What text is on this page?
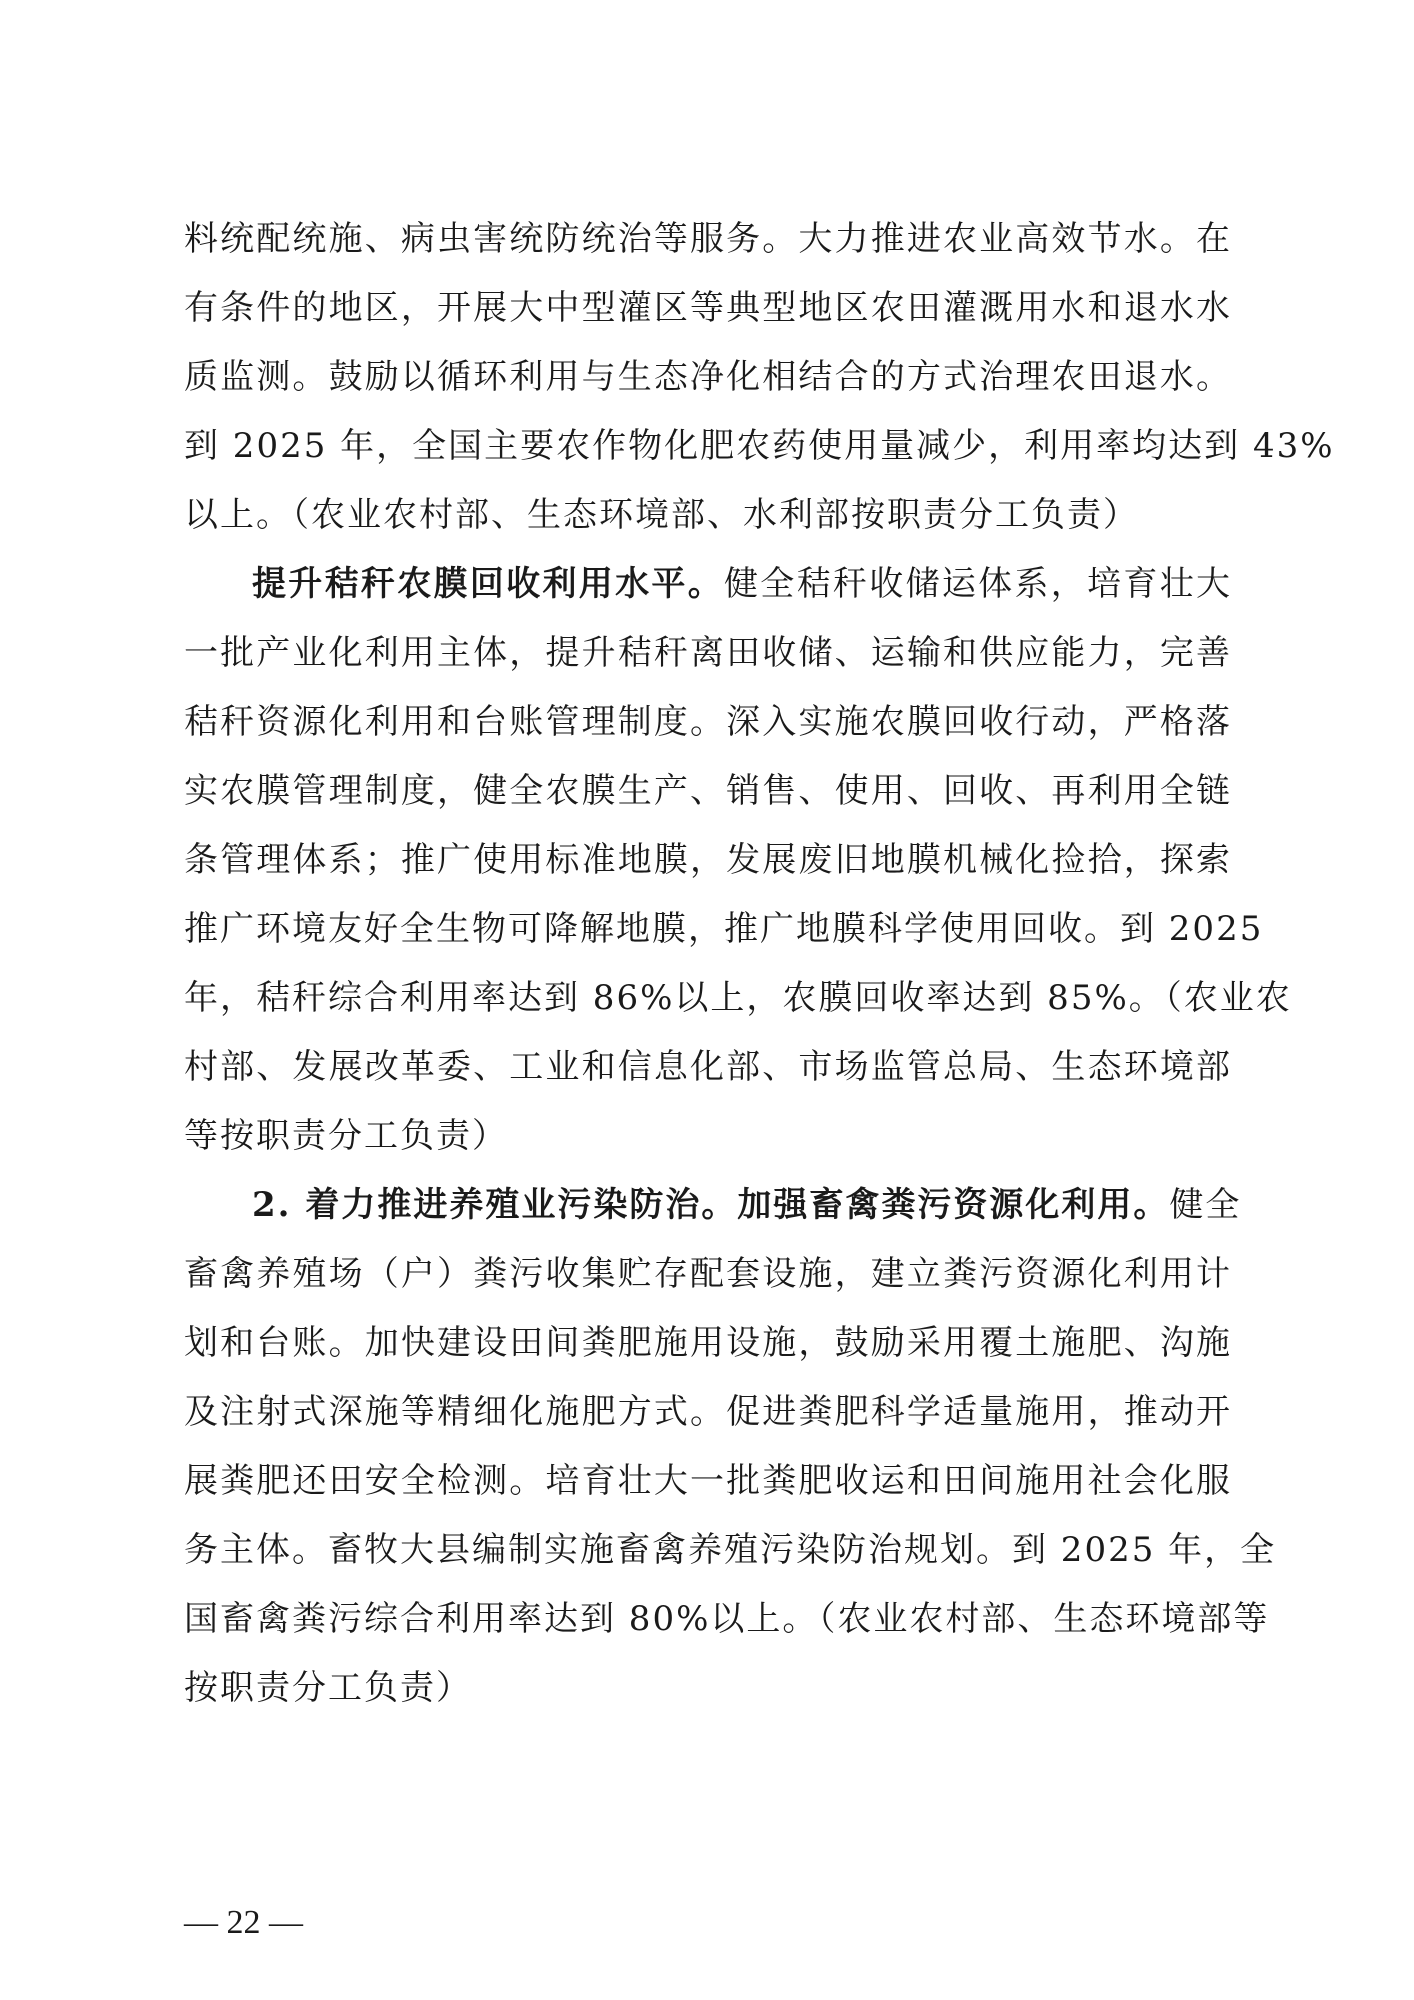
料统配统施、病虫害统防统治等服务。大力推进农业高效节水。在
有条件的地区，开展大中型灌区等典型地区农田灌溉用水和退水水
质监测。鼓励以循环利用与生态净化相结合的方式治理农田退水。
到 2025 年，全国主要农作物化肥农药使用量减少，利用率均达到 43%
以上。（农业农村部、生态环境部、水利部按职责分工负责）
提升秸秆农膜回收利用水平。健全秸秆收储运体系，培育壮大
一批产业化利用主体，提升秸秆离田收储、运输和供应能力，完善
秸秆资源化利用和台账管理制度。深入实施农膜回收行动，严格落
实农膜管理制度，健全农膜生产、销售、使用、回收、再利用全链
条管理体系；推广使用标准地膜，发展废旧地膜机械化捡拾，探索
推广环境友好全生物可降解地膜，推广地膜科学使用回收。到 2025
年，秸秆综合利用率达到 86%以上，农膜回收率达到 85%。（农业农
村部、发展改革委、工业和信息化部、市场监管总局、生态环境部
等按职责分工负责）
2. 着力推进养殖业污染防治。加强畜禽粪污资源化利用。健全
畜禽养殖场（户）粪污收集贮存配套设施，建立粪污资源化利用计
划和台账。加快建设田间粪肥施用设施，鼓励采用覆土施肥、沟施
及注射式深施等精细化施肥方式。促进粪肥科学适量施用，推动开
展粪肥还田安全检测。培育壮大一批粪肥收运和田间施用社会化服
务主体。畜牧大县编制实施畜禽养殖污染防治规划。到 2025 年，全
国畜禽粪污综合利用率达到 80%以上。（农业农村部、生态环境部等
按职责分工负责）
— 22 —
